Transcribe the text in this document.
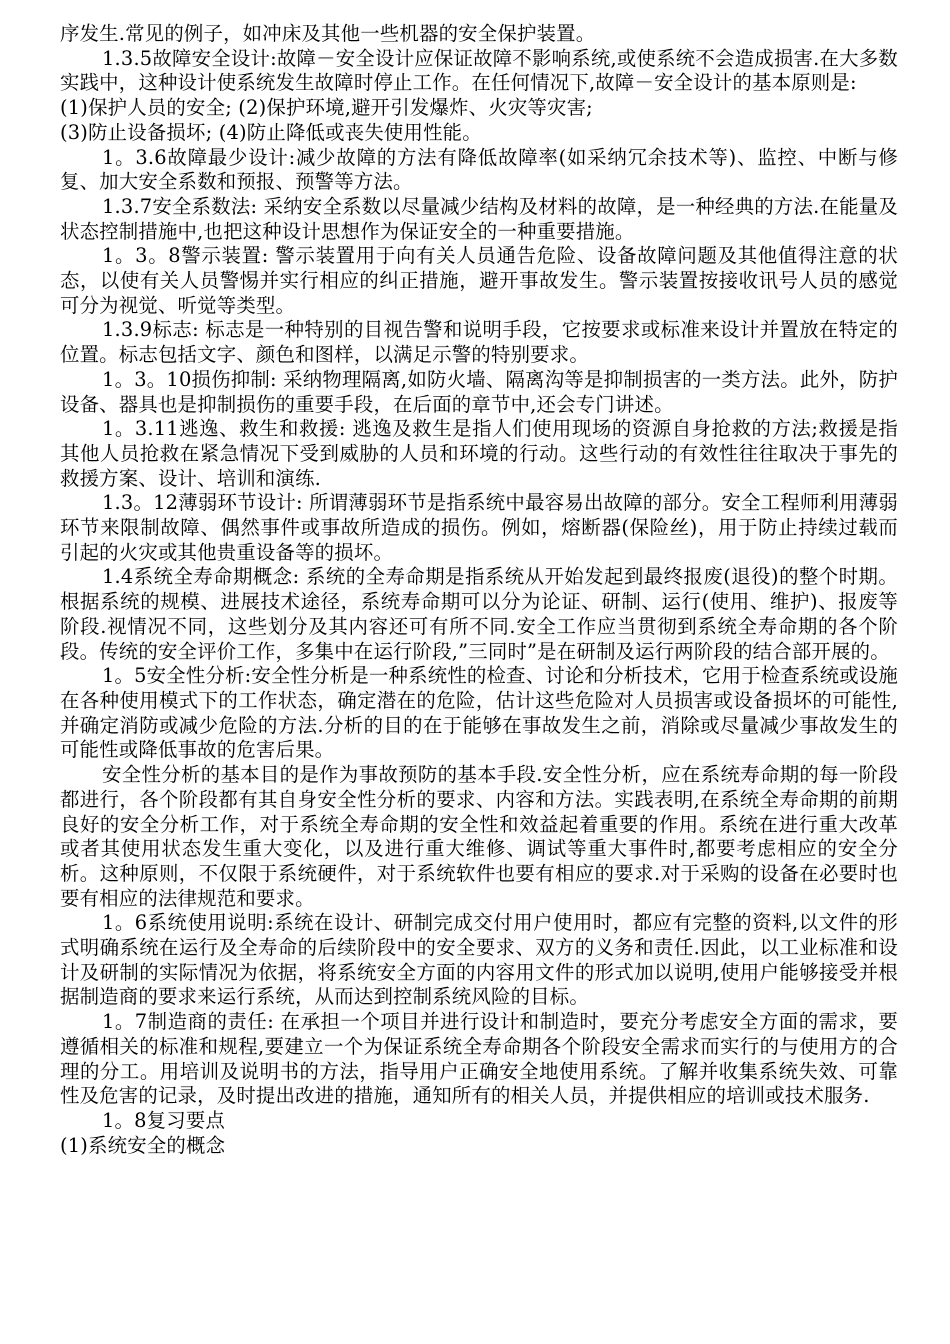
序发生.常见的例子，如冲床及其他一些机器的安全保护装置。

1.3.5故障安全设计:故障－安全设计应保证故障不影响系统,或使系统不会造成损害.在大多数实践中，这种设计使系统发生故障时停止工作。在任何情况下,故障－安全设计的基本原则是:

(1)保护人员的安全; (2)保护环境,避开引发爆炸、火灾等灾害;

(3)防止设备损坏; (4)防止降低或丧失使用性能。

1。3.6故障最少设计:减少故障的方法有降低故障率(如采纳冗余技术等)、监控、中断与修复、加大安全系数和预报、预警等方法。

1.3.7安全系数法: 采纳安全系数以尽量减少结构及材料的故障，是一种经典的方法.在能量及状态控制措施中,也把这种设计思想作为保证安全的一种重要措施。

1。3。8警示装置: 警示装置用于向有关人员通告危险、设备故障问题及其他值得注意的状态，以使有关人员警惕并实行相应的纠正措施，避开事故发生。警示装置按接收讯号人员的感觉可分为视觉、听觉等类型。

1.3.9标志: 标志是一种特别的目视告警和说明手段，它按要求或标准来设计并置放在特定的位置。标志包括文字、颜色和图样，以满足示警的特别要求。

1。3。10损伤抑制: 采纳物理隔离,如防火墙、隔离沟等是抑制损害的一类方法。此外，防护设备、器具也是抑制损伤的重要手段，在后面的章节中,还会专门讲述。

1。3.11逃逸、救生和救援: 逃逸及救生是指人们使用现场的资源自身抢救的方法;救援是指其他人员抢救在紧急情况下受到威胁的人员和环境的行动。这些行动的有效性往往取决于事先的救援方案、设计、培训和演练.

1.3。12薄弱环节设计: 所谓薄弱环节是指系统中最容易出故障的部分。安全工程师利用薄弱环节来限制故障、偶然事件或事故所造成的损伤。例如，熔断器(保险丝)，用于防止持续过载而引起的火灾或其他贵重设备等的损坏。

1.4系统全寿命期概念: 系统的全寿命期是指系统从开始发起到最终报废(退役)的整个时期。根据系统的规模、进展技术途径，系统寿命期可以分为论证、研制、运行(使用、维护)、报废等阶段.视情况不同，这些划分及其内容还可有所不同.安全工作应当贯彻到系统全寿命期的各个阶段。传统的安全评价工作，多集中在运行阶段,”三同时”是在研制及运行两阶段的结合部开展的。

1。5安全性分析:安全性分析是一种系统性的检查、讨论和分析技术，它用于检查系统或设施在各种使用模式下的工作状态，确定潜在的危险，估计这些危险对人员损害或设备损坏的可能性,并确定消防或减少危险的方法.分析的目的在于能够在事故发生之前，消除或尽量减少事故发生的可能性或降低事故的危害后果。

安全性分析的基本目的是作为事故预防的基本手段.安全性分析，应在系统寿命期的每一阶段都进行，各个阶段都有其自身安全性分析的要求、内容和方法。实践表明,在系统全寿命期的前期良好的安全分析工作，对于系统全寿命期的安全性和效益起着重要的作用。系统在进行重大改革或者其使用状态发生重大变化，以及进行重大维修、调试等重大事件时,都要考虑相应的安全分析。这种原则，不仅限于系统硬件，对于系统软件也要有相应的要求.对于采购的设备在必要时也要有相应的法律规范和要求。

1。6系统使用说明:系统在设计、研制完成交付用户使用时，都应有完整的资料,以文件的形式明确系统在运行及全寿命的后续阶段中的安全要求、双方的义务和责任.因此，以工业标准和设计及研制的实际情况为依据，将系统安全方面的内容用文件的形式加以说明,使用户能够接受并根据制造商的要求来运行系统，从而达到控制系统风险的目标。

1。7制造商的责任: 在承担一个项目并进行设计和制造时，要充分考虑安全方面的需求，要遵循相关的标准和规程,要建立一个为保证系统全寿命期各个阶段安全需求而实行的与使用方的合理的分工。用培训及说明书的方法，指导用户正确安全地使用系统。了解并收集系统失效、可靠性及危害的记录，及时提出改进的措施，通知所有的相关人员，并提供相应的培训或技术服务.

1。8复习要点

(1)系统安全的概念
